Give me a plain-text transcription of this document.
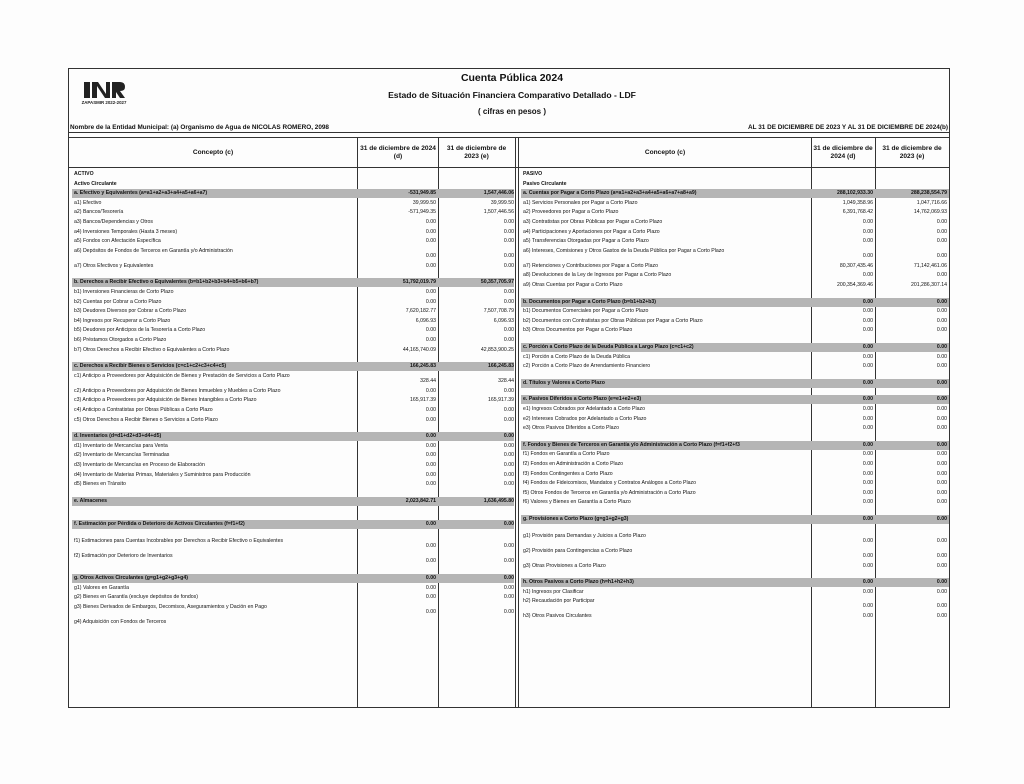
ZAPASMIR 2022-2027
Cuenta Pública 2024
Estado de Situación Financiera Comparativo Detallado - LDF
( cifras en pesos )
Nombre de la Entidad Municipal: (a) Organismo de Agua de NICOLAS ROMERO, 2098	AL 31 DE DICIEMBRE DE 2023 Y AL 31 DE DICIEMBRE DE 2024(b)
Concepto (c)
31 de diciembre de 2024 (d)
31 de diciembre de 2023 (e)
Concepto (c)
31 de diciembre de 2024 (d)
31 de diciembre de 2023 (e)
ACTIVO
Activo Circulante
a. Efectivo y Equivalentes (a=a1+a2+a3+a4+a5+a6+a7)	-531,949.85	1,547,446.06
a1) Efectivo	39,999.50	39,999.50
a2) Bancos/Tesorería	-571,949.35	1,507,446.56
a3) Bancos/Dependencias y Otros	0.00	0.00
a4) Inversiones Temporales (Hasta 3 meses)	0.00	0.00
a5) Fondos con Afectación Específica	0.00	0.00
a6) Depósitos de Fondos de Terceros en Garantía y/o Administración
0.00	0.00
a7) Otros Efectivos y Equivalentes	0.00	0.00
b. Derechos a Recibir Efectivo o Equivalentes (b=b1+b2+b3+b4+b5+b6+b7)	51,792,019.79	50,357,705.97
b1) Inversiones Financieras de Corto Plazo	0.00	0.00
b2) Cuentas por Cobrar a Corto Plazo	0.00	0.00
b3) Deudores Diversos por Cobrar a Corto Plazo	7,620,182.77	7,507,708.79
b4) Ingresos por Recuperar a Corto Plazo	6,096.93	6,096.93
b5) Deudores por Anticipos de la Tesorería a Corto Plazo	0.00	0.00
b6) Préstamos Otorgados a Corto Plazo	0.00	0.00
b7) Otros Derechos a Recibir Efectivo o Equivalentes a Corto Plazo	44,165,740.09	42,853,900.25
c. Derechos a Recibir Bienes o Servicios (c=c1+c2+c3+c4+c5)	166,245.83	166,245.83
c1) Anticipo a Proveedores por Adquisición de Bienes y Prestación de Servicios a Corto Plazo
328.44	328.44
c2) Anticipo a Proveedores por Adquisición de Bienes Inmuebles y Muebles a Corto Plazo	0.00	0.00
c3) Anticipo a Proveedores por Adquisición de Bienes Intangibles a Corto Plazo	165,917.39	165,917.39
c4) Anticipo a Contratistas por Obras Públicas a Corto Plazo	0.00	0.00
c5) Otros Derechos a Recibir Bienes o Servicios a Corto Plazo	0.00	0.00
d. Inventarios (d=d1+d2+d3+d4+d5)	0.00	0.00
d1) Inventario de Mercancías para Venta	0.00	0.00
d2) Inventario de Mercancías Terminadas	0.00	0.00
d3) Inventario de Mercancías en Proceso de Elaboración	0.00	0.00
d4) Inventario de Materias Primas, Materiales y Suministros para Producción	0.00	0.00
d5) Bienes en Tránsito	0.00	0.00
e. Almacenes	2,023,842.71	1,636,495.80
f. Estimación por Pérdida o Deterioro de Activos Circulantes (f=f1+f2)	0.00	0.00
f1) Estimaciones para Cuentas Incobrables por Derechos a Recibir Efectivo o Equivalentes
0.00	0.00
f2) Estimación por Deterioro de Inventarios
0.00	0.00
g. Otros Activos Circulantes (g=g1+g2+g3+g4)	0.00	0.00
g1) Valores en Garantía	0.00	0.00
g2) Bienes en Garantía (excluye depósitos de fondos)	0.00	0.00
g3) Bienes Derivados de Embargos, Decomisos, Aseguramientos y Dación en Pago
0.00	0.00
g4) Adquisición con Fondos de Terceros
PASIVO
Pasivo Circulante
a. Cuentas por Pagar a Corto Plazo (a=a1+a2+a3+a4+a5+a6+a7+a8+a9)	288,102,933.30	288,238,554.79
a1) Servicios Personales por Pagar a Corto Plazo	1,049,358.96	1,047,716.66
a2) Proveedores por Pagar a Corto Plazo	6,391,768.42	14,762,069.93
a3) Contratistas por Obras Públicas por Pagar a Corto Plazo	0.00	0.00
a4) Participaciones y Aportaciones por Pagar a Corto Plazo	0.00	0.00
a5) Transferencias Otorgadas por Pagar a Corto Plazo	0.00	0.00
a6) Intereses, Comisiones y Otros Gastos de la Deuda Pública por Pagar a Corto Plazo
0.00	0.00
a7) Retenciones y Contribuciones por Pagar a Corto Plazo	80,307,435.46	71,142,461.06
a8) Devoluciones de la Ley de Ingresos por Pagar a Corto Plazo	0.00	0.00
a9) Otras Cuentas por Pagar a Corto Plazo	200,354,369.46	201,286,307.14
b. Documentos por Pagar a Corto Plazo (b=b1+b2+b3)	0.00	0.00
b1) Documentos Comerciales por Pagar a Corto Plazo	0.00	0.00
b2) Documentos con Contratistas por Obras Públicas por Pagar a Corto Plazo	0.00	0.00
b3) Otros Documentos por Pagar a Corto Plazo	0.00	0.00
c. Porción a Corto Plazo de la Deuda Pública a Largo Plazo (c=c1+c2)	0.00	0.00
c1) Porción a Corto Plazo de la Deuda Pública	0.00	0.00
c2) Porción a Corto Plazo de Arrendamiento Financiero	0.00	0.00
d. Títulos y Valores a Corto Plazo	0.00	0.00
e. Pasivos Diferidos a Corto Plazo (e=e1+e2+e3)	0.00	0.00
e1) Ingresos Cobrados por Adelantado a Corto Plazo	0.00	0.00
e2) Intereses Cobrados por Adelantado a Corto Plazo	0.00	0.00
e3) Otros Pasivos Diferidos a Corto Plazo	0.00	0.00
f. Fondos y Bienes de Terceros en Garantía y/o Administración a Corto Plazo (f=f1+f2+f3	0.00	0.00
f1) Fondos en Garantía a Corto Plazo	0.00	0.00
f2) Fondos en Administración a Corto Plazo	0.00	0.00
f3) Fondos Contingentes a Corto Plazo	0.00	0.00
f4) Fondos de Fideicomisos, Mandatos y Contratos Análogos a Corto Plazo	0.00	0.00
f5) Otros Fondos de Terceros en Garantía y/o Administración a Corto Plazo	0.00	0.00
f6) Valores y Bienes en Garantía a Corto Plazo	0.00	0.00
g. Provisiones a Corto Plazo (g=g1+g2+g3)	0.00	0.00
g1) Provisión para Demandas y Juicios a Corto Plazo
0.00	0.00
g2) Provisión para Contingencias a Corto Plazo
0.00	0.00
g3) Otras Provisiones a Corto Plazo	0.00	0.00
h. Otros Pasivos a Corto Plazo (h=h1+h2+h3)	0.00	0.00
h1) Ingresos por Clasificar	0.00	0.00
h2) Recaudación por Participar
0.00	0.00
h3) Otros Pasivos Circulantes	0.00	0.00
